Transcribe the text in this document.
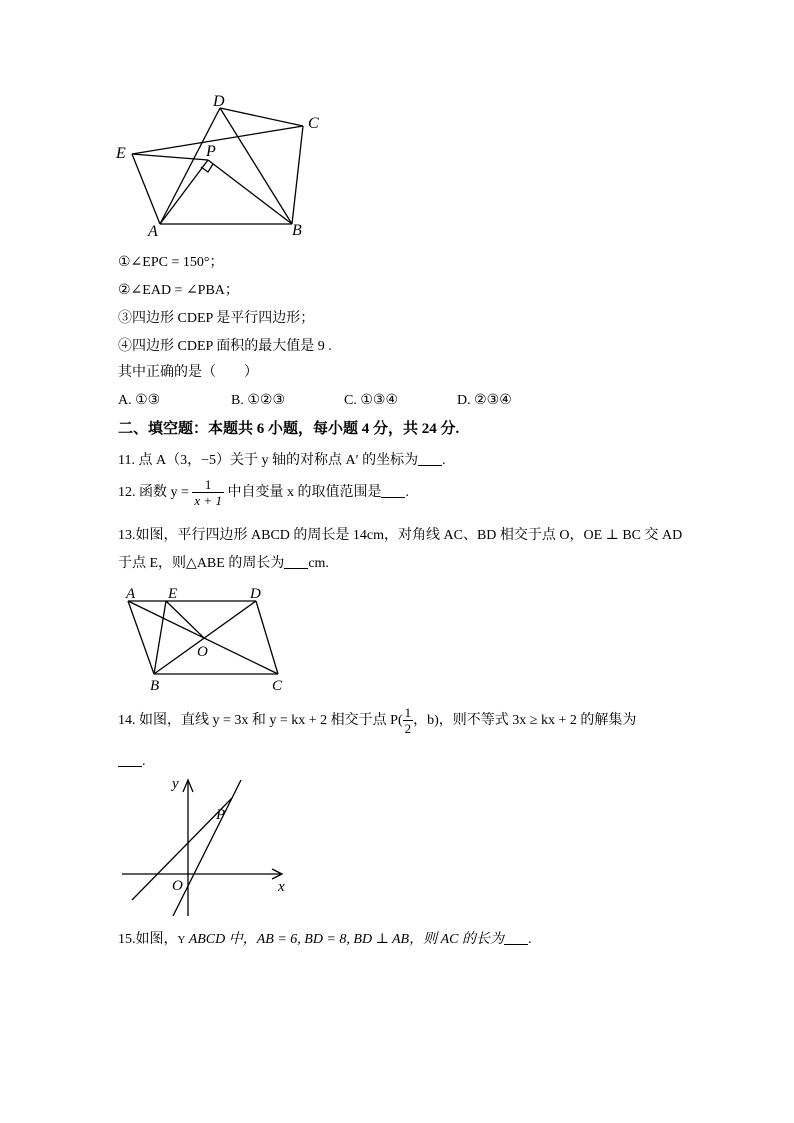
D
C
E	P
A	B
①∠EPC = 150°；
②∠EAD = ∠PBA；
③四边形 CDEP 是平行四边形；
④四边形 CDEP 面积的最大值是 9 .
其中正确的是（　　）
A. ①③	B. ①②③	C. ①③④	D. ②③④
二、填空题：本题共 6 小题，每小题 4 分，共 24 分.
11. 点 A（3，−5）关于 y 轴的对称点 A′ 的坐标为 .
12. 函数 $y = \frac{1}{x + 1}$ 中自变量 x 的取值范围是 .
13.如图，平行四边形 ABCD 的周长是 14cm，对角线 AC、BD 相交于点 O，OE ⊥ BC 交 AD
于点 E，则△ABE 的周长为 cm.
A E	D
O
B	C
14. 如图，直线 y = 3x 和 y = kx + 2 相交于点 $P( \frac{1}{2}$ ，b)，则不等式 3x ≥ kx + 2 的解集为
.
y
x
O
P
15.如图，Y ABCD 中，AB = 6, BD = 8, BD ⊥ AB，则 AC 的长为 .
